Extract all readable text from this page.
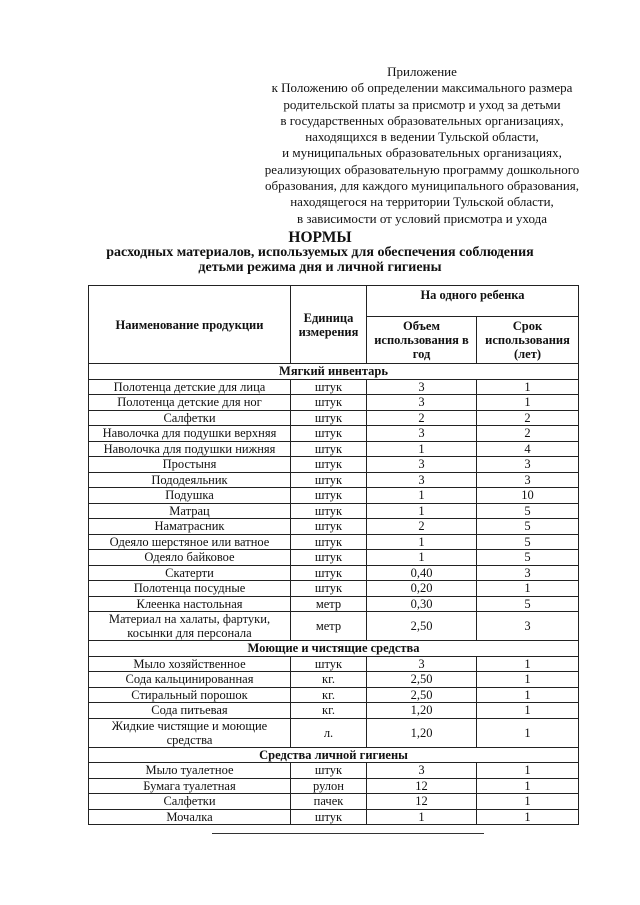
Приложение
к Положению об определении максимального размера
родительской платы за присмотр и уход за детьми
в государственных образовательных организациях,
находящихся в ведении Тульской области,
и муниципальных образовательных организациях,
реализующих образовательную программу дошкольного
образования, для каждого муниципального образования,
находящегося на территории Тульской области,
в зависимости от условий присмотра и ухода
НОРМЫ
расходных материалов, используемых для обеспечения соблюдения
детьми режима дня и личной гигиены
Наименование продукции	Единица измерения	На одного ребенка	
		Объем использования в год	Срок использования (лет)
Мягкий инвентарь			
Полотенца детские для лица	штук	3	1
Полотенца детские для ног	штук	3	1
Салфетки	штук	2	2
Наволочка для подушки верхняя	штук	3	2
Наволочка для подушки нижняя	штук	1	4
Простыня	штук	3	3
Пододеяльник	штук	3	3
Подушка	штук	1	10
Матрац	штук	1	5
Наматрасник	штук	2	5
Одеяло шерстяное или ватное	штук	1	5
Одеяло байковое	штук	1	5
Скатерти	штук	0,40	3
Полотенца посудные	штук	0,20	1
Клеенка настольная	метр	0,30	5
Материал на халаты, фартуки, косынки для персонала	метр	2,50	3
Моющие и чистящие средства			
Мыло хозяйственное	штук	3	1
Сода кальцинированная	кг.	2,50	1
Стиральный порошок	кг.	2,50	1
Сода питьевая	кг.	1,20	1
Жидкие чистящие и моющие средства	л.	1,20	1
Средства личной гигиены			
Мыло туалетное	штук	3	1
Бумага туалетная	рулон	12	1
Салфетки	пачек	12	1
Мочалка	штук	1	1
